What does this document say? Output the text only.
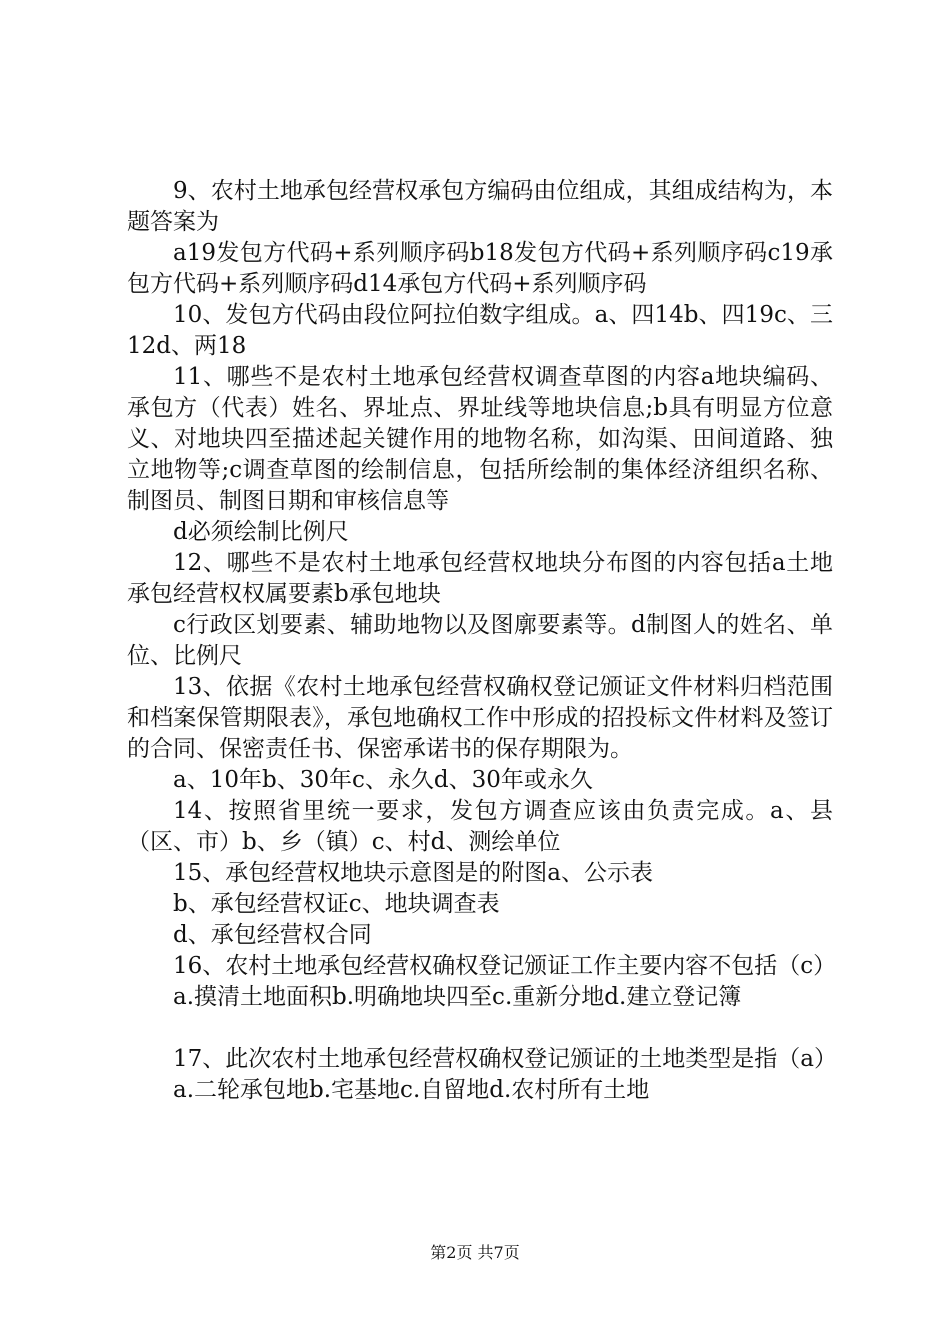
9、农村土地承包经营权承包方编码由位组成，其组成结构为，本题答案为

a19发包方代码+系列顺序码b18发包方代码+系列顺序码c19承包方代码+系列顺序码d14承包方代码+系列顺序码

10、发包方代码由段位阿拉伯数字组成。a、四14b、四19c、三12d、两18

11、哪些不是农村土地承包经营权调查草图的内容a地块编码、承包方（代表）姓名、界址点、界址线等地块信息;b具有明显方位意义、对地块四至描述起关键作用的地物名称，如沟渠、田间道路、独立地物等;c调查草图的绘制信息，包括所绘制的集体经济组织名称、制图员、制图日期和审核信息等

d必须绘制比例尺

12、哪些不是农村土地承包经营权地块分布图的内容包括a土地承包经营权权属要素b承包地块

c行政区划要素、辅助地物以及图廓要素等。d制图人的姓名、单位、比例尺

13、依据《农村土地承包经营权确权登记颁证文件材料归档范围和档案保管期限表》，承包地确权工作中形成的招投标文件材料及签订的合同、保密责任书、保密承诺书的保存期限为。

a、10年b、30年c、永久d、30年或永久

14、按照省里统一要求，发包方调查应该由负责完成。a、县（区、市）b、乡（镇）c、村d、测绘单位

15、承包经营权地块示意图是的附图a、公示表

b、承包经营权证c、地块调查表

d、承包经营权合同

16、农村土地承包经营权确权登记颁证工作主要内容不包括（c）

a.摸清土地面积b.明确地块四至c.重新分地d.建立登记簿

17、此次农村土地承包经营权确权登记颁证的土地类型是指（a）

a.二轮承包地b.宅基地c.自留地d.农村所有土地

第2页 共7页
